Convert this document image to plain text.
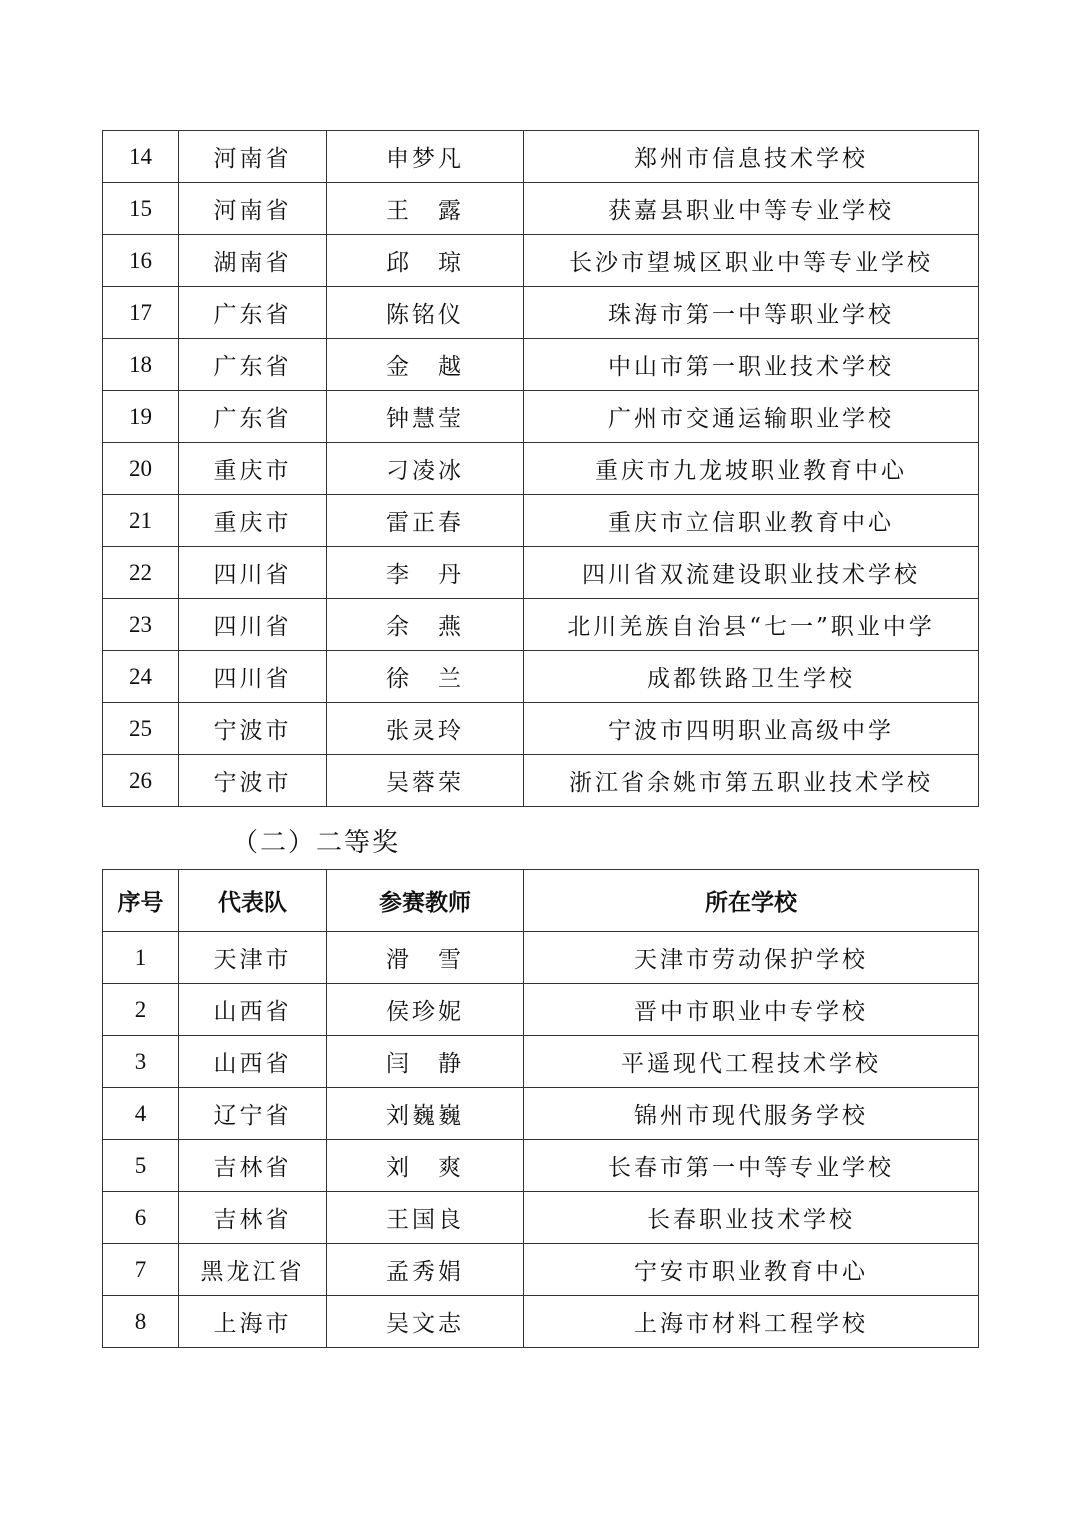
14	河南省	申梦凡	郑州市信息技术学校
15	河南省	王　露	获嘉县职业中等专业学校
16	湖南省	邱　琼	长沙市望城区职业中等专业学校
17	广东省	陈铭仪	珠海市第一中等职业学校
18	广东省	金　越	中山市第一职业技术学校
19	广东省	钟慧莹	广州市交通运输职业学校
20	重庆市	刁凌冰	重庆市九龙坡职业教育中心
21	重庆市	雷正春	重庆市立信职业教育中心
22	四川省	李　丹	四川省双流建设职业技术学校
23	四川省	余　燕	北川羌族自治县“七一”职业中学
24	四川省	徐　兰	成都铁路卫生学校
25	宁波市	张灵玲	宁波市四明职业高级中学
26	宁波市	吴蓉荣	浙江省余姚市第五职业技术学校
（二）二等奖
序号	代表队	参赛教师	所在学校
1	天津市	滑　雪	天津市劳动保护学校
2	山西省	侯珍妮	晋中市职业中专学校
3	山西省	闫　静	平遥现代工程技术学校
4	辽宁省	刘巍巍	锦州市现代服务学校
5	吉林省	刘　爽	长春市第一中等专业学校
6	吉林省	王国良	长春职业技术学校
7	黑龙江省	孟秀娟	宁安市职业教育中心
8	上海市	吴文志	上海市材料工程学校
